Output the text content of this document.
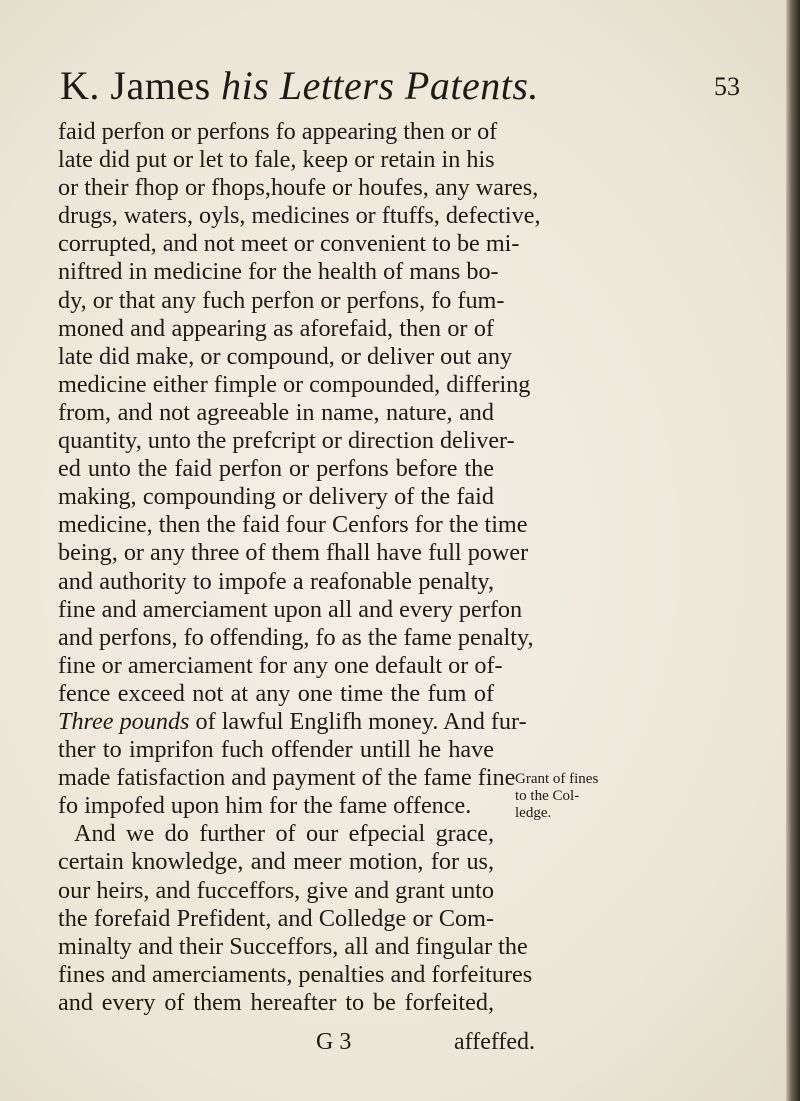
K. James his Letters Patents.	53
faid perfon or perfons fo appearing then or of
late did put or let to fale, keep or retain in his
or their fhop or fhops,houfe or houfes, any wares,
drugs, waters, oyls, medicines or ftuffs, defective,
corrupted, and not meet or convenient to be mi-
niftred in medicine for the health of mans bo-
dy, or that any fuch perfon or perfons, fo fum-
moned and appearing as aforefaid, then or of
late did make, or compound, or deliver out any
medicine either fimple or compounded, differing
from, and not agreeable in name, nature, and
quantity, unto the prefcript or direction deliver-
ed unto the faid perfon or perfons before the
making, compounding or delivery of the faid
medicine, then the faid four Cenfors for the time
being, or any three of them fhall have full power
and authority to impofe a reafonable penalty,
fine and amerciament upon all and every perfon
and perfons, fo offending, fo as the fame penalty,
fine or amerciament for any one default or of-
fence exceed not at any one time the fum of
Three pounds of lawful Englifh money. And fur-
ther to imprifon fuch offender untill he have
made fatisfaction and payment of the fame fine
fo impofed upon him for the fame offence.
And we do further of our efpecial grace,
certain knowledge, and meer motion, for us,
our heirs, and fucceffors, give and grant unto
the forefaid Prefident, and Colledge or Com-
minalty and their Succeffors, all and fingular the
fines and amerciaments, penalties and forfeitures
and every of them hereafter to be forfeited,
Grant of fines
to the Col-
ledge.
G 3	affeffed.
